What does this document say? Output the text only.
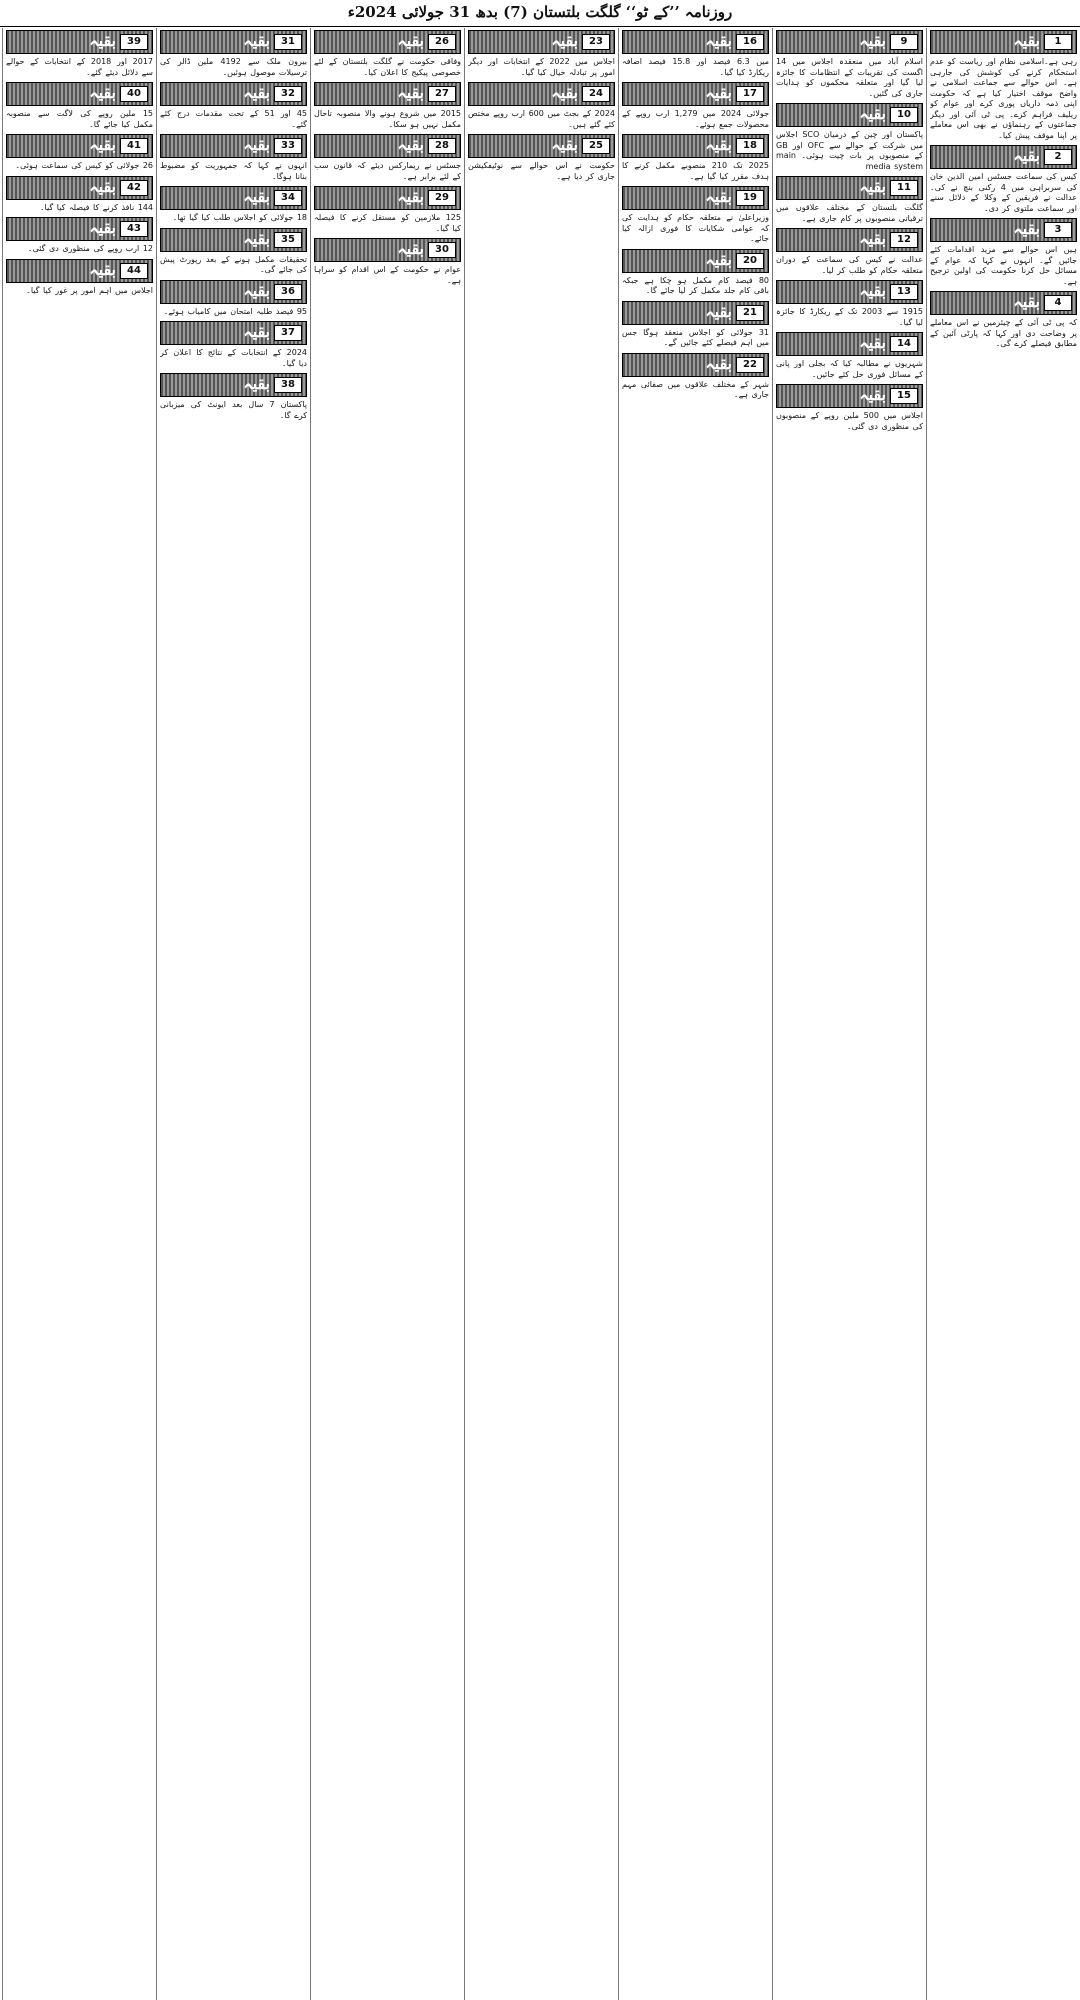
روزنامہ ’’کے ٹو‘‘ گلگت بلتستان (7) بدھ 31 جولائی 2024ء
1
بقیہ
رہی ہے۔اسلامی نظام اور ریاست کو عدم استحکام کرنے کی کوشش کی جارہی ہے۔ اس حوالے سے جماعت اسلامی نے واضح موقف اختیار کیا ہے کہ حکومت اپنی ذمہ داریاں پوری کرے اور عوام کو ریلیف فراہم کرے۔ پی ٹی آئی اور دیگر جماعتوں کے رہنماؤں نے بھی اس معاملے پر اپنا موقف پیش کیا۔
2
بقیہ
کیس کی سماعت جسٹس امین الدین خان کی سربراہی میں 4 رکنی بنچ نے کی۔ عدالت نے فریقین کے وکلا کے دلائل سنے اور سماعت ملتوی کر دی۔
3
بقیہ
ہیں اس حوالے سے مزید اقدامات کئے جائیں گے۔ انہوں نے کہا کہ عوام کے مسائل حل کرنا حکومت کی اولین ترجیح ہے۔
4
بقیہ
کہ پی ٹی آئی کے چیئرمین نے اس معاملے پر وضاحت دی اور کہا کہ پارٹی آئین کے مطابق فیصلے کرے گی۔
9
بقیہ
اسلام آباد میں منعقدہ اجلاس میں 14 اگست کی تقریبات کے انتظامات کا جائزہ لیا گیا اور متعلقہ محکموں کو ہدایات جاری کی گئیں۔
10
بقیہ
پاکستان اور چین کے درمیان SCO اجلاس میں شرکت کے حوالے سے OFC اور GB کے منصوبوں پر بات چیت ہوئی۔ main media system
11
بقیہ
گلگت بلتستان کے مختلف علاقوں میں ترقیاتی منصوبوں پر کام جاری ہے۔
12
بقیہ
عدالت نے کیس کی سماعت کے دوران متعلقہ حکام کو طلب کر لیا۔
13
بقیہ
1915 سے 2003 تک کے ریکارڈ کا جائزہ لیا گیا۔
14
بقیہ
شہریوں نے مطالبہ کیا کہ بجلی اور پانی کے مسائل فوری حل کئے جائیں۔
15
بقیہ
اجلاس میں 500 ملین روپے کے منصوبوں کی منظوری دی گئی۔
16
بقیہ
میں 6.3 فیصد اور 15.8 فیصد اضافہ ریکارڈ کیا گیا۔
17
بقیہ
جولائی 2024 میں 1,279 ارب روپے کے محصولات جمع ہوئے۔
18
بقیہ
2025 تک 210 منصوبے مکمل کرنے کا ہدف مقرر کیا گیا ہے۔
19
بقیہ
وزیراعلیٰ نے متعلقہ حکام کو ہدایت کی کہ عوامی شکایات کا فوری ازالہ کیا جائے۔
20
بقیہ
80 فیصد کام مکمل ہو چکا ہے جبکہ باقی کام جلد مکمل کر لیا جائے گا۔
21
بقیہ
31 جولائی کو اجلاس منعقد ہوگا جس میں اہم فیصلے کئے جائیں گے۔
22
بقیہ
شہر کے مختلف علاقوں میں صفائی مہم جاری ہے۔
23
بقیہ
اجلاس میں 2022 کے انتخابات اور دیگر امور پر تبادلہ خیال کیا گیا۔
24
بقیہ
2024 کے بجٹ میں 600 ارب روپے مختص کئے گئے ہیں۔
25
بقیہ
حکومت نے اس حوالے سے نوٹیفکیشن جاری کر دیا ہے۔
26
بقیہ
وفاقی حکومت نے گلگت بلتستان کے لئے خصوصی پیکیج کا اعلان کیا۔
27
بقیہ
2015 میں شروع ہونے والا منصوبہ تاحال مکمل نہیں ہو سکا۔
28
بقیہ
جسٹس نے ریمارکس دیئے کہ قانون سب کے لئے برابر ہے۔
29
بقیہ
125 ملازمین کو مستقل کرنے کا فیصلہ کیا گیا۔
30
بقیہ
عوام نے حکومت کے اس اقدام کو سراہا ہے۔
31
بقیہ
بیرون ملک سے 4192 ملین ڈالر کی ترسیلات موصول ہوئیں۔
32
بقیہ
45 اور 51 کے تحت مقدمات درج کئے گئے۔
33
بقیہ
انہوں نے کہا کہ جمہوریت کو مضبوط بنانا ہوگا۔
34
بقیہ
18 جولائی کو اجلاس طلب کیا گیا تھا۔
35
بقیہ
تحقیقات مکمل ہونے کے بعد رپورٹ پیش کی جائے گی۔
36
بقیہ
95 فیصد طلبہ امتحان میں کامیاب ہوئے۔
37
بقیہ
2024 کے انتخابات کے نتائج کا اعلان کر دیا گیا۔
38
بقیہ
پاکستان 7 سال بعد ایونٹ کی میزبانی کرے گا۔
39
بقیہ
2017 اور 2018 کے انتخابات کے حوالے سے دلائل دیئے گئے۔
40
بقیہ
15 ملین روپے کی لاگت سے منصوبہ مکمل کیا جائے گا۔
41
بقیہ
26 جولائی کو کیس کی سماعت ہوئی۔
42
بقیہ
144 نافذ کرنے کا فیصلہ کیا گیا۔
43
بقیہ
12 ارب روپے کی منظوری دی گئی۔
44
بقیہ
اجلاس میں اہم امور پر غور کیا گیا۔
